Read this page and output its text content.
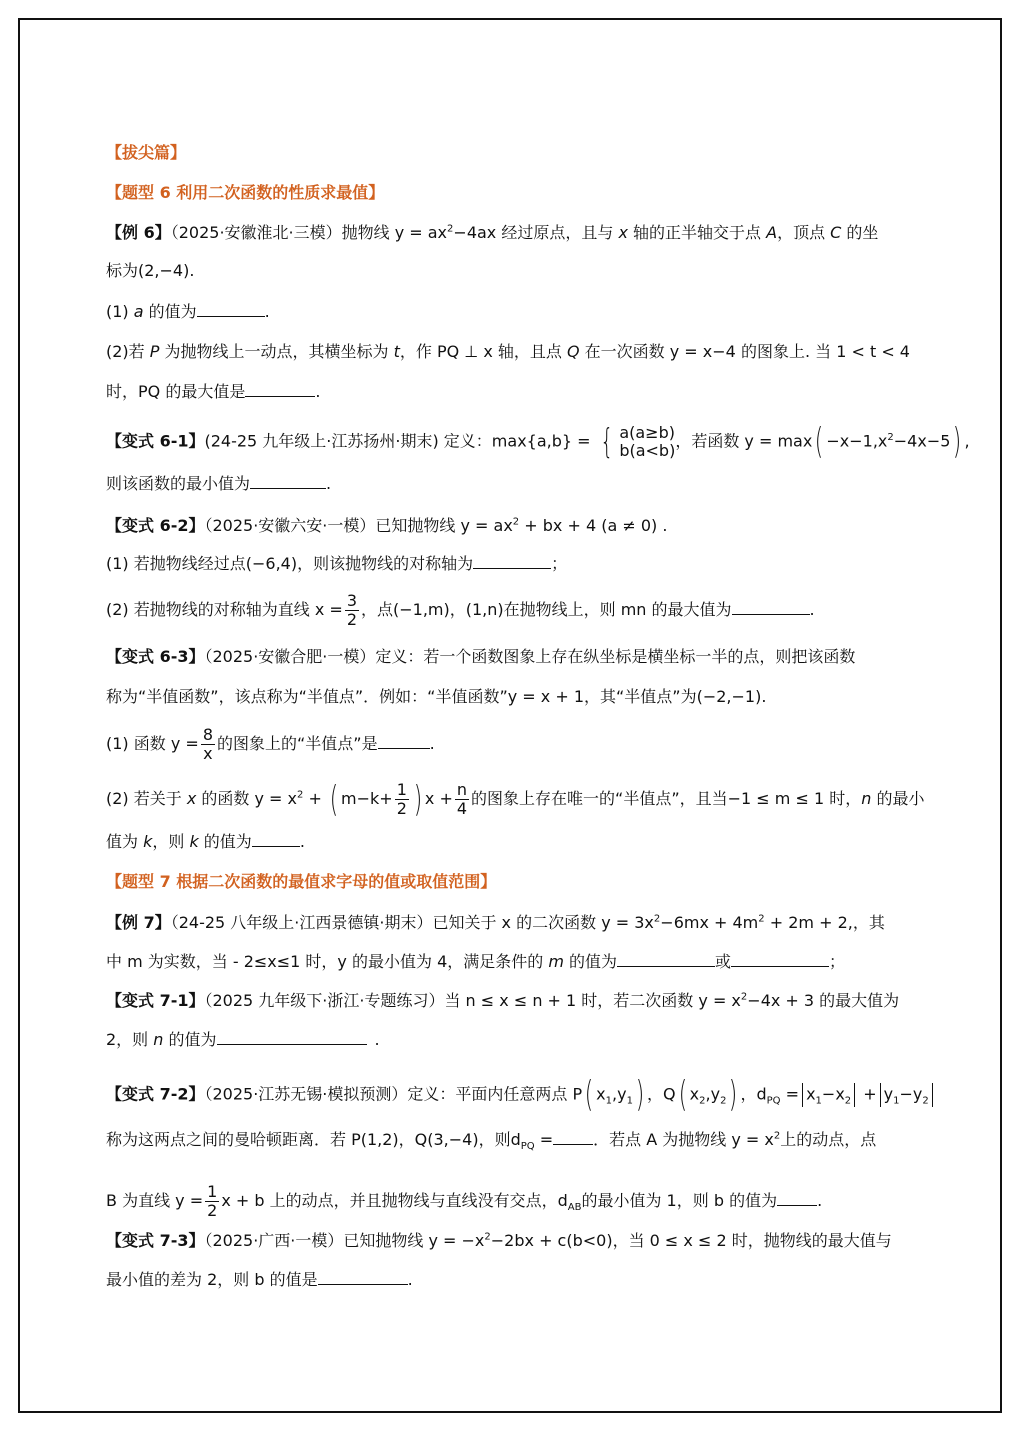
【拔尖篇】
【题型 6 利用二次函数的性质求最值】
【例 6】（2025·安徽淮北·三模）抛物线 $y = ax^2-4ax$ 经过原点，且与 x 轴的正半轴交于点 A，顶点 C 的坐
标为(2,−4).
(1) a 的值为	.
(2)若 P 为抛物线上一动点，其横坐标为 t，作 PQ ⊥ x 轴，且点 Q 在一次函数 y = x−4 的图象上. 当 1 < t < 4
时，PQ 的最大值是	.
【变式 6-1】(24-25 九年级上·江苏扬州·期末) 定义：max{a,b} = { a(a≥b)
b(a<b) ，若函数 $y = \max( -x-1,x^2-4x-5)$ ,
则该函数的最小值为	.
【变式 6-2】（2025·安徽六安·一模）已知抛物线 $y = ax^2$ + bx + 4 (a ≠ 0) .
(1) 若抛物线经过点(−6,4)，则该抛物线的对称轴为	；
(2) 若抛物线的对称轴为直线 $x = \frac{3}{2}$ ，点(−1,m)，(1,n)在抛物线上，则 mn 的最大值为	.
【变式 6-3】（2025·安徽合肥·一模）定义：若一个函数图象上存在纵坐标是横坐标一半的点，则把该函数
称为“半值函数”，该点称为“半值点”．例如：“半值函数”y = x + 1，其“半值点”为(−2,−1).
(1) 函数 $y = \frac{8}{x}$ 的图象上的“半值点”是	.
(2) 若关于 x 的函数 $y = x^2$ + ( $m-k+ \frac{1}{2}$ ) $x + \frac{n}{4}$ 的图象上存在唯一的“半值点”，且当−1 ≤ m ≤ 1 时，n 的最小
值为 k，则 k 的值为	.
【题型 7 根据二次函数的最值求字母的值或取值范围】
【例 7】（24-25 八年级上·江西景德镇·期末）已知关于 x 的二次函数 $y = 3x^2-6mx + 4m^2 + 2m + 2$,，其
中 m 为实数，当 - 2≤x≤1 时，y 的最小值为 4，满足条件的 m 的值为	或	；
【变式 7-1】（2025 九年级下·浙江·专题练习）当 n ≤ x ≤ n + 1 时，若二次函数 $y = x^2-4x + 3$ 的最大值为
2，则 n 的值为	.
【变式 7-2】（2025·江苏无锡·模拟预测）定义：平面内任意两点 P( $x_1,y_1$) ，Q( $x_2,y_2$) ，$d_{PQ} = x_1-x_2 + y_1-y_2$
称为这两点之间的曼哈顿距离．若 P(1,2)，Q(3,−4)，则$d_{PQ}$ =	．若点 A 为抛物线 $y = x^2$上的动点，点
B 为直线 $y = \frac{1}{2}$ x + b 上的动点，并且抛物线与直线没有交点，$d_{AB}$的最小值为 1，则 b 的值为	.
【变式 7-3】（2025·广西·一模）已知抛物线 $y = -x^2-2bx + c(b<0)$，当 0 ≤ x ≤ 2 时，抛物线的最大值与
最小值的差为 2，则 b 的值是	.
